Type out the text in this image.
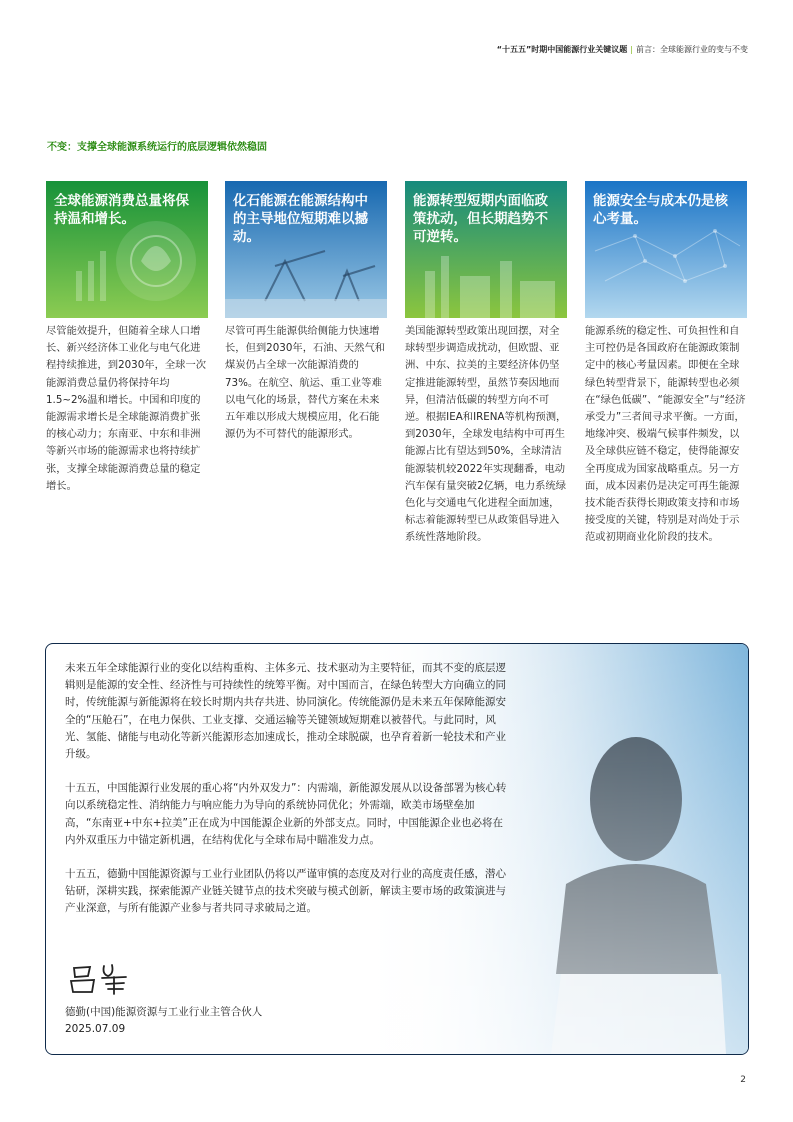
“十五五”时期中国能源行业关键议题 | 前言：全球能源行业的变与不变
不变：支撑全球能源系统运行的底层逻辑依然稳固
全球能源消费总量将保持温和增长。
尽管能效提升，但随着全球人口增长、新兴经济体工业化与电气化进程持续推进，到2030年，全球一次能源消费总量仍将保持年均1.5~2%温和增长。中国和印度的能源需求增长是全球能源消费扩张的核心动力；东南亚、中东和非洲等新兴市场的能源需求也将持续扩张，支撑全球能源消费总量的稳定增长。
化石能源在能源结构中的主导地位短期难以撼动。
尽管可再生能源供给侧能力快速增长，但到2030年，石油、天然气和煤炭仍占全球一次能源消费的73%。在航空、航运、重工业等难以电气化的场景，替代方案在未来五年难以形成大规模应用，化石能源仍为不可替代的能源形式。
能源转型短期内面临政策扰动，但长期趋势不可逆转。
美国能源转型政策出现回摆，对全球转型步调造成扰动，但欧盟、亚洲、中东、拉美的主要经济体仍坚定推进能源转型，虽然节奏因地而异，但清洁低碳的转型方向不可逆。根据IEA和IRENA等机构预测，到2030年，全球发电结构中可再生能源占比有望达到50%，全球清洁能源装机较2022年实现翻番，电动汽车保有量突破2亿辆，电力系统绿色化与交通电气化进程全面加速，标志着能源转型已从政策倡导进入系统性落地阶段。
能源安全与成本仍是核心考量。
能源系统的稳定性、可负担性和自主可控仍是各国政府在能源政策制定中的核心考量因素。即便在全球绿色转型背景下，能源转型也必须在“绿色低碳”、“能源安全”与“经济承受力”三者间寻求平衡。一方面，地缘冲突、极端气候事件频发，以及全球供应链不稳定，使得能源安全再度成为国家战略重点。另一方面，成本因素仍是决定可再生能源技术能否获得长期政策支持和市场接受度的关键，特别是对尚处于示范或初期商业化阶段的技术。

未来五年全球能源行业的变化以结构重构、主体多元、技术驱动为主要特征，而其不变的底层逻辑则是能源的安全性、经济性与可持续性的统筹平衡。对中国而言，在绿色转型大方向确立的同时，传统能源与新能源将在较长时期内共存共进、协同演化。传统能源仍是未来五年保障能源安全的“压舱石”，在电力保供、工业支撑、交通运输等关键领域短期难以被替代。与此同时，风光、氢能、储能与电动化等新兴能源形态加速成长，推动全球脱碳，也孕育着新一轮技术和产业升级。

十五五，中国能源行业发展的重心将“内外双发力”：内需端，新能源发展从以设备部署为核心转向以系统稳定性、消纳能力与响应能力为导向的系统协同优化；外需端，欧美市场壁垒加高，“东南亚+中东+拉美”正在成为中国能源企业新的外部支点。同时，中国能源企业也必将在内外双重压力中锚定新机遇，在结构优化与全球布局中瞄准发力点。

十五五，德勤中国能源资源与工业行业团队仍将以严谨审慎的态度及对行业的高度责任感，潜心钻研，深耕实践，探索能源产业链关键节点的技术突破与模式创新，解读主要市场的政策演进与产业深意，与所有能源产业参与者共同寻求破局之道。

德勤(中国)能源资源与工业行业主管合伙人
2025.07.09
2
